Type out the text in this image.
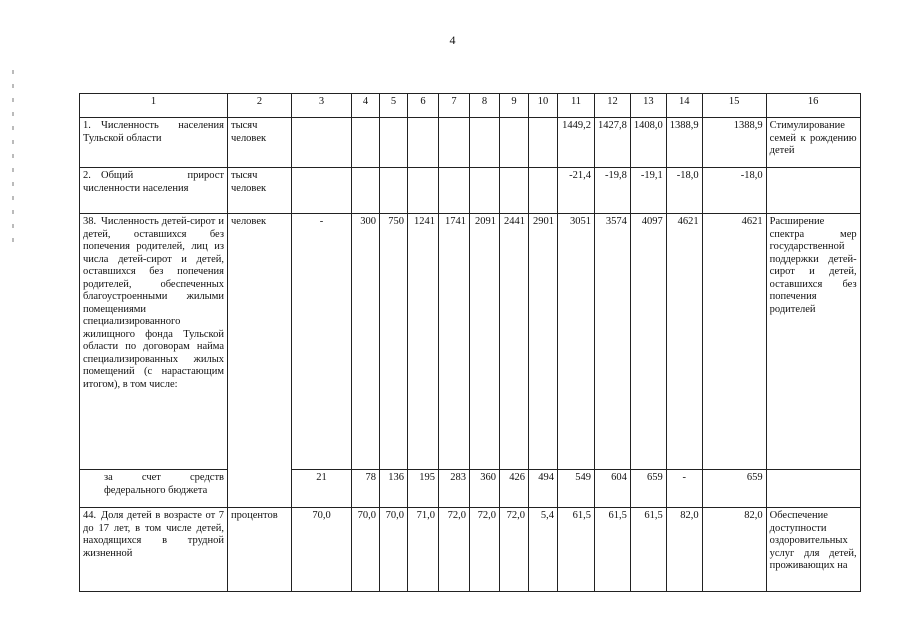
4
1	2	3	4	5	6	7	8	9	10	11	12	13	14	15	16
1. Численность населения Тульской области	тысяч человек									1449,2	1427,8	1408,0	1388,9	1388,9	Стимулирование семей к рождению детей
2. Общий прирост численности населения	тысяч человек									-21,4	-19,8	-19,1	-18,0	-18,0	
38. Численность детей-сирот и детей, оставшихся без попечения родителей, лиц из числа детей-сирот и детей, оставшихся без попечения родителей, обеспеченных благоустроенными жилыми помещениями специализированного жилищного фонда Тульской области по договорам найма специализированных жилых помещений (с нарастающим итогом), в том числе:	человек	-	300	750	1241	1741	2091	2441	2901	3051	3574	4097	4621	4621	Расширение спектра мер государственной поддержки детей-сирот и детей, оставшихся без попечения родителей
за счет средств федерального бюджета		21	78	136	195	283	360	426	494	549	604	659	-	659	
44. Доля детей в возрасте от 7 до 17 лет, в том числе детей, находящихся в трудной жизненной	процентов	70,0	70,0	70,0	71,0	72,0	72,0	72,0	5,4	61,5	61,5	61,5	82,0	82,0	Обеспечение доступности оздоровительных услуг для детей, проживающих на
